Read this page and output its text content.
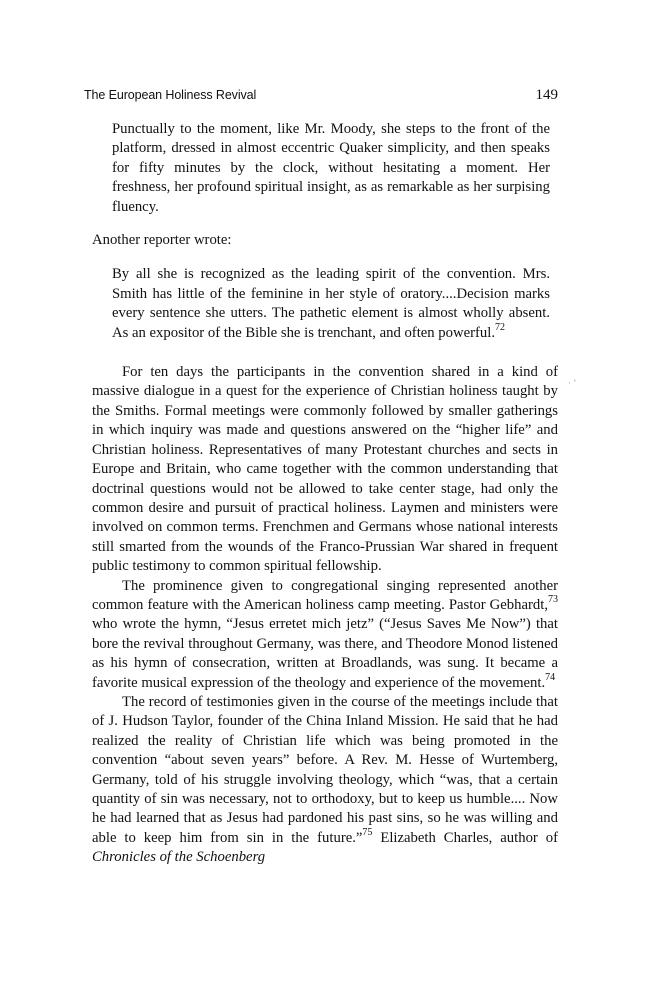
The European Holiness Revival	149

Punctually to the moment, like Mr. Moody, she steps to the front of the platform, dressed in almost eccentric Quaker simplicity, and then speaks for fifty minutes by the clock, without hesitating a moment. Her freshness, her profound spiritual insight, as as remarkable as her surpising fluency.

Another reporter wrote:

By all she is recognized as the leading spirit of the convention. Mrs. Smith has little of the feminine in her style of oratory....Decision marks every sentence she utters. The pathetic element is almost wholly absent. As an expositor of the Bible she is trenchant, and often powerful.$^{72}$

For ten days the participants in the convention shared in a kind of massive dialogue in a quest for the experience of Christian holiness taught by the Smiths. Formal meetings were commonly followed by smaller gatherings in which inquiry was made and questions answered on the “higher life” and Christian holiness. Representatives of many Protestant churches and sects in Europe and Britain, who came together with the common understanding that doctrinal questions would not be allowed to take center stage, had only the common desire and pursuit of practical holiness. Laymen and ministers were involved on common terms. Frenchmen and Germans whose national interests still smarted from the wounds of the Franco-Prussian War shared in frequent public testimony to common spiritual fellowship.

The prominence given to congregational singing represented another common feature with the American holiness camp meeting. Pastor Gebhardt,$^{73}$ who wrote the hymn, “Jesus erretet mich jetz” (“Jesus Saves Me Now”) that bore the revival throughout Germany, was there, and Theodore Monod listened as his hymn of consecration, written at Broadlands, was sung. It became a favorite musical expression of the theology and experience of the movement.$^{74}$

The record of testimonies given in the course of the meetings include that of J. Hudson Taylor, founder of the China Inland Mission. He said that he had realized the reality of Christian life which was being promoted in the convention “about seven years” before. A Rev. M. Hesse of Wurtemberg, Germany, told of his struggle involving theology, which “was, that a certain quantity of sin was necessary, not to orthodoxy, but to keep us humble.... Now he had learned that as Jesus had pardoned his past sins, so he was willing and able to keep him from sin in the future.”$^{75}$ Elizabeth Charles, author of Chronicles of the Schoenberg

· ’
